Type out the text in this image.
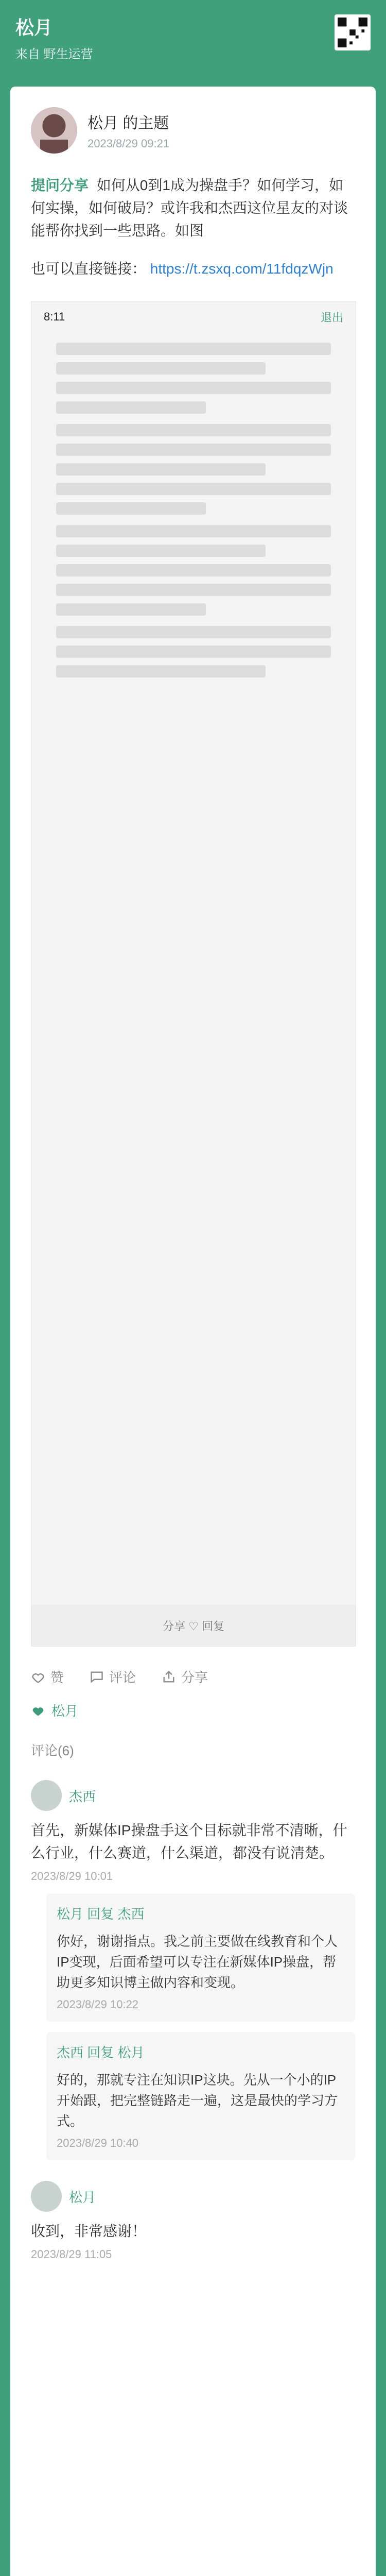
松月
来自 野生运营
松月 的主题
2023/8/29 09:21
提问分享 如何从0到1成为操盘手？如何学习，如何实操，如何破局？或许我和杰西这位星友的对谈能帮你找到一些思路。如图
也可以直接链接： https://t.zsxq.com/11fdqzWjn
8:11	退出
分享 ♡ 回复
赞	评论	分享
松月
评论(6)
杰西
首先，新媒体IP操盘手这个目标就非常不清晰，什么行业，什么赛道，什么渠道，都没有说清楚。
2023/8/29 10:01
松月 回复 杰西
你好，谢谢指点。我之前主要做在线教育和个人IP变现，后面希望可以专注在新媒体IP操盘，帮助更多知识博主做内容和变现。
2023/8/29 10:22
杰西 回复 松月
好的，那就专注在知识IP这块。先从一个小的IP开始跟，把完整链路走一遍，这是最快的学习方式。
2023/8/29 10:40
松月
收到，非常感谢！
2023/8/29 11:05
